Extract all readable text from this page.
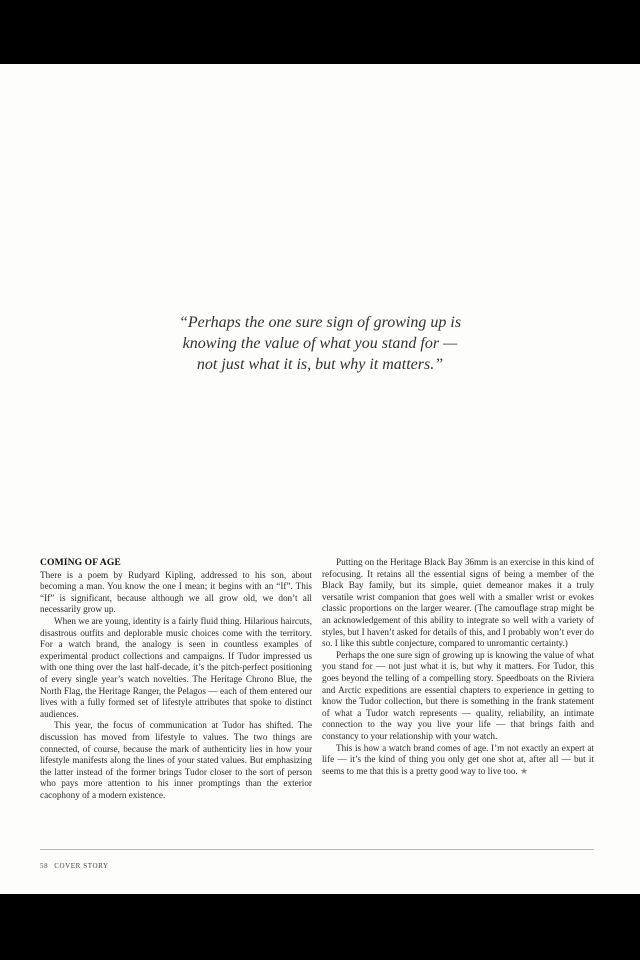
“Perhaps the one sure sign of growing up is
knowing the value of what you stand for —
not just what it is, but why it matters.”
COMING OF AGE

There is a poem by Rudyard Kipling, addressed to his son, about becoming a man. You know the one I mean; it begins with an “If”. This “If” is significant, because although we all grow old, we don’t all necessarily grow up.

When we are young, identity is a fairly fluid thing. Hilarious haircuts, disastrous outfits and deplorable music choices come with the territory. For a watch brand, the analogy is seen in countless examples of experimental product collections and campaigns. If Tudor impressed us with one thing over the last half-decade, it’s the pitch-perfect positioning of every single year’s watch novelties. The Heritage Chrono Blue, the North Flag, the Heritage Ranger, the Pelagos — each of them entered our lives with a fully formed set of lifestyle attributes that spoke to distinct audiences.

This year, the focus of communication at Tudor has shifted. The discussion has moved from lifestyle to values. The two things are connected, of course, because the mark of authenticity lies in how your lifestyle manifests along the lines of your stated values. But emphasizing the latter instead of the former brings Tudor closer to the sort of person who pays more attention to his inner promptings than the exterior cacophony of a modern existence.

Putting on the Heritage Black Bay 36mm is an exercise in this kind of refocusing. It retains all the essential signs of being a member of the Black Bay family, but its simple, quiet demeanor makes it a truly versatile wrist companion that goes well with a smaller wrist or evokes classic proportions on the larger wearer. (The camouflage strap might be an acknowledgement of this ability to integrate so well with a variety of styles, but I haven’t asked for details of this, and I probably won’t ever do so. I like this subtle conjecture, compared to unromantic certainty.)

Perhaps the one sure sign of growing up is knowing the value of what you stand for — not just what it is, but why it matters. For Tudor, this goes beyond the telling of a compelling story. Speedboats on the Riviera and Arctic expeditions are essential chapters to experience in getting to know the Tudor collection, but there is something in the frank statement of what a Tudor watch represents — quality, reliability, an intimate connection to the way you live your life — that brings faith and constancy to your relationship with your watch.

This is how a watch brand comes of age. I’m not exactly an expert at life — it’s the kind of thing you only get one shot at, after all — but it seems to me that this is a pretty good way to live too. ★

58 COVER STORY
